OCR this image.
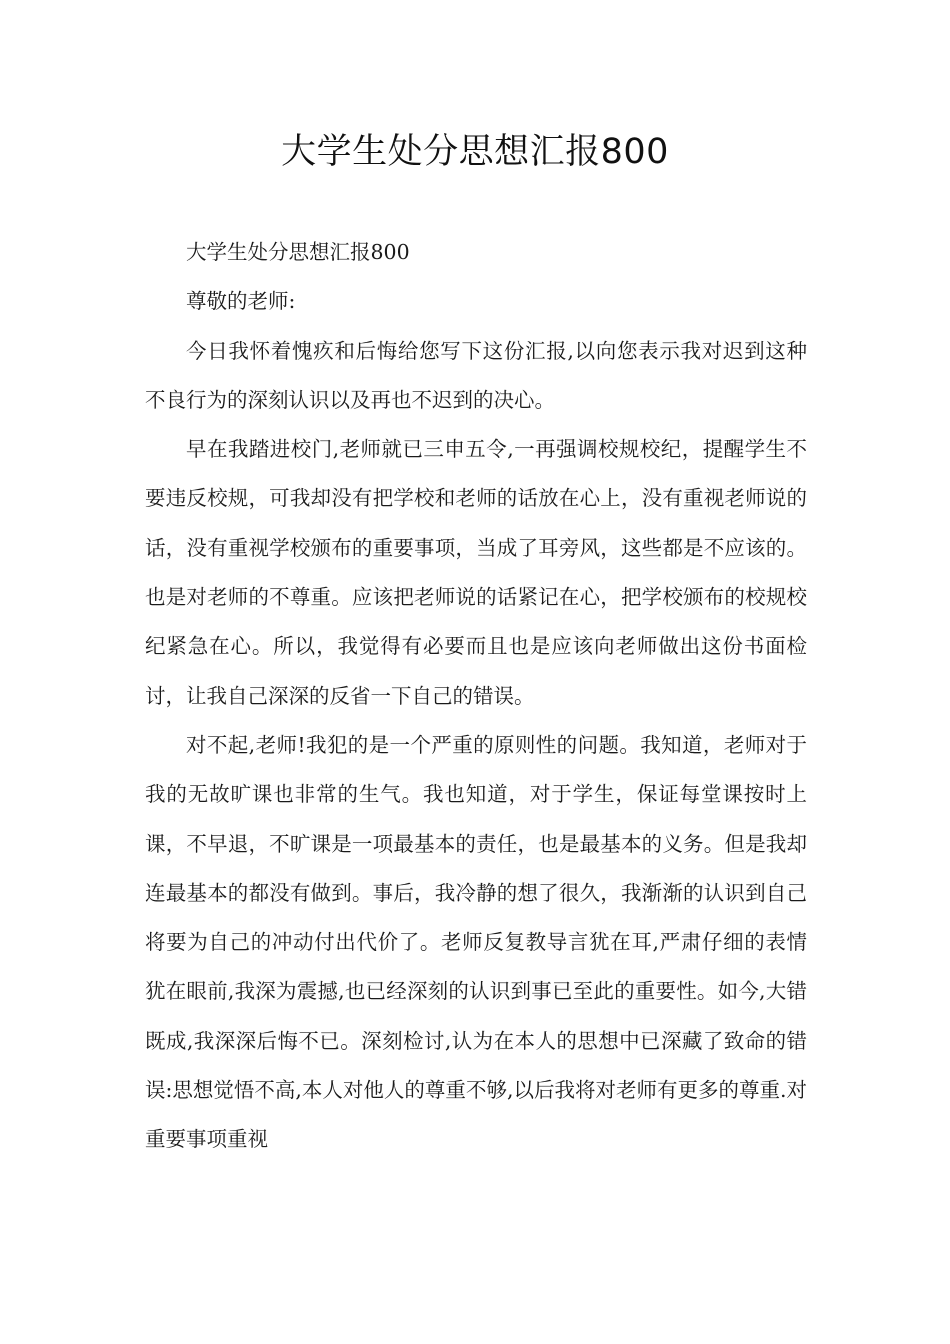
大学生处分思想汇报800

大学生处分思想汇报800

尊敬的老师:

今日我怀着愧疚和后悔给您写下这份汇报,以向您表示我对迟到这种不良行为的深刻认识以及再也不迟到的决心。

早在我踏进校门,老师就已三申五令,一再强调校规校纪，提醒学生不要违反校规，可我却没有把学校和老师的话放在心上，没有重视老师说的话，没有重视学校颁布的重要事项，当成了耳旁风，这些都是不应该的。也是对老师的不尊重。应该把老师说的话紧记在心，把学校颁布的校规校纪紧急在心。所以，我觉得有必要而且也是应该向老师做出这份书面检讨，让我自己深深的反省一下自己的错误。

对不起,老师!我犯的是一个严重的原则性的问题。我知道，老师对于我的无故旷课也非常的生气。我也知道，对于学生，保证每堂课按时上课，不早退，不旷课是一项最基本的责任，也是最基本的义务。但是我却连最基本的都没有做到。事后，我冷静的想了很久，我渐渐的认识到自己将要为自己的冲动付出代价了。老师反复教导言犹在耳,严肃仔细的表情犹在眼前,我深为震撼,也已经深刻的认识到事已至此的重要性。如今,大错既成,我深深后悔不已。深刻检讨,认为在本人的思想中已深藏了致命的错误:思想觉悟不高,本人对他人的尊重不够,以后我将对老师有更多的尊重.对重要事项重视
